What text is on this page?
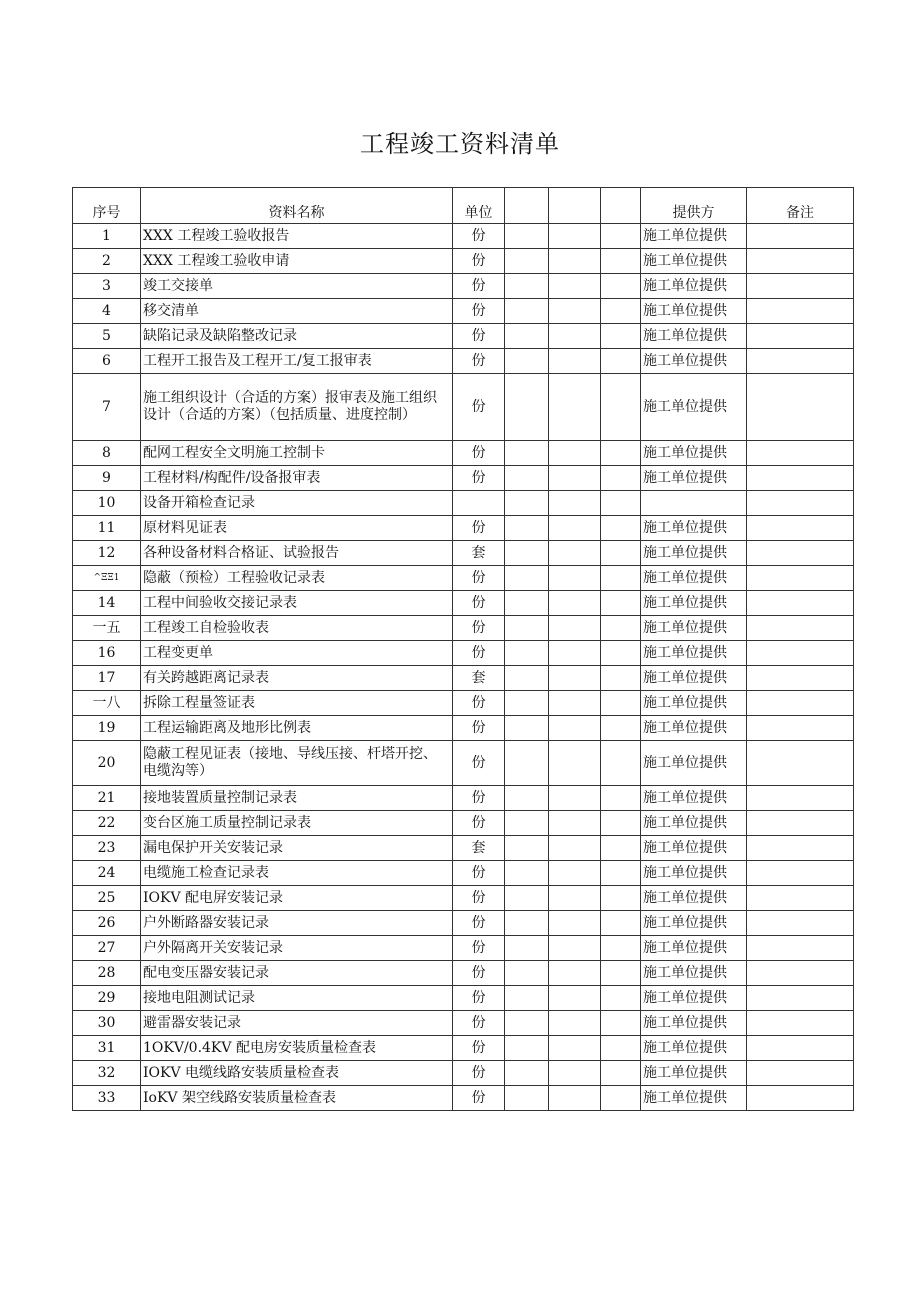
工程竣工资料清单
序号	资料名称	单位				提供方	备注
1	XXX 工程竣工验收报告	份				施工单位提供	
2	XXX 工程竣工验收申请	份				施工单位提供	
3	竣工交接单	份				施工单位提供	
4	移交清单	份				施工单位提供	
5	缺陷记录及缺陷整改记录	份				施工单位提供	
6	工程开工报告及工程开工/复工报审表	份				施工单位提供	
7	施工组织设计（合适的方案）报审表及施工组织设计（合适的方案）（包括质量、进度控制）	份				施工单位提供	
8	配网工程安全文明施工控制卡	份				施工单位提供	
9	工程材料/构配件/设备报审表	份				施工单位提供	
10	设备开箱检查记录						
11	原材料见证表	份				施工单位提供	
12	各种设备材料合格证、试验报告	套				施工单位提供	
^ΞΞ1	隐蔽（预检）工程验收记录表	份				施工单位提供	
14	工程中间验收交接记录表	份				施工单位提供	
一五	工程竣工自检验收表	份				施工单位提供	
16	工程变更单	份				施工单位提供	
17	有关跨越距离记录表	套				施工单位提供	
一八	拆除工程量签证表	份				施工单位提供	
19	工程运输距离及地形比例表	份				施工单位提供	
20	隐蔽工程见证表（接地、导线压接、杆塔开挖、电缆沟等）	份				施工单位提供	
21	接地装置质量控制记录表	份				施工单位提供	
22	变台区施工质量控制记录表	份				施工单位提供	
23	漏电保护开关安装记录	套				施工单位提供	
24	电缆施工检查记录表	份				施工单位提供	
25	IOKV 配电屏安装记录	份				施工单位提供	
26	户外断路器安装记录	份				施工单位提供	
27	户外隔离开关安装记录	份				施工单位提供	
28	配电变压器安装记录	份				施工单位提供	
29	接地电阻测试记录	份				施工单位提供	
30	避雷器安装记录	份				施工单位提供	
31	1OKV/0.4KV 配电房安装质量检查表	份				施工单位提供	
32	IOKV 电缆线路安装质量检查表	份				施工单位提供	
33	IoKV 架空线路安装质量检查表	份				施工单位提供	
